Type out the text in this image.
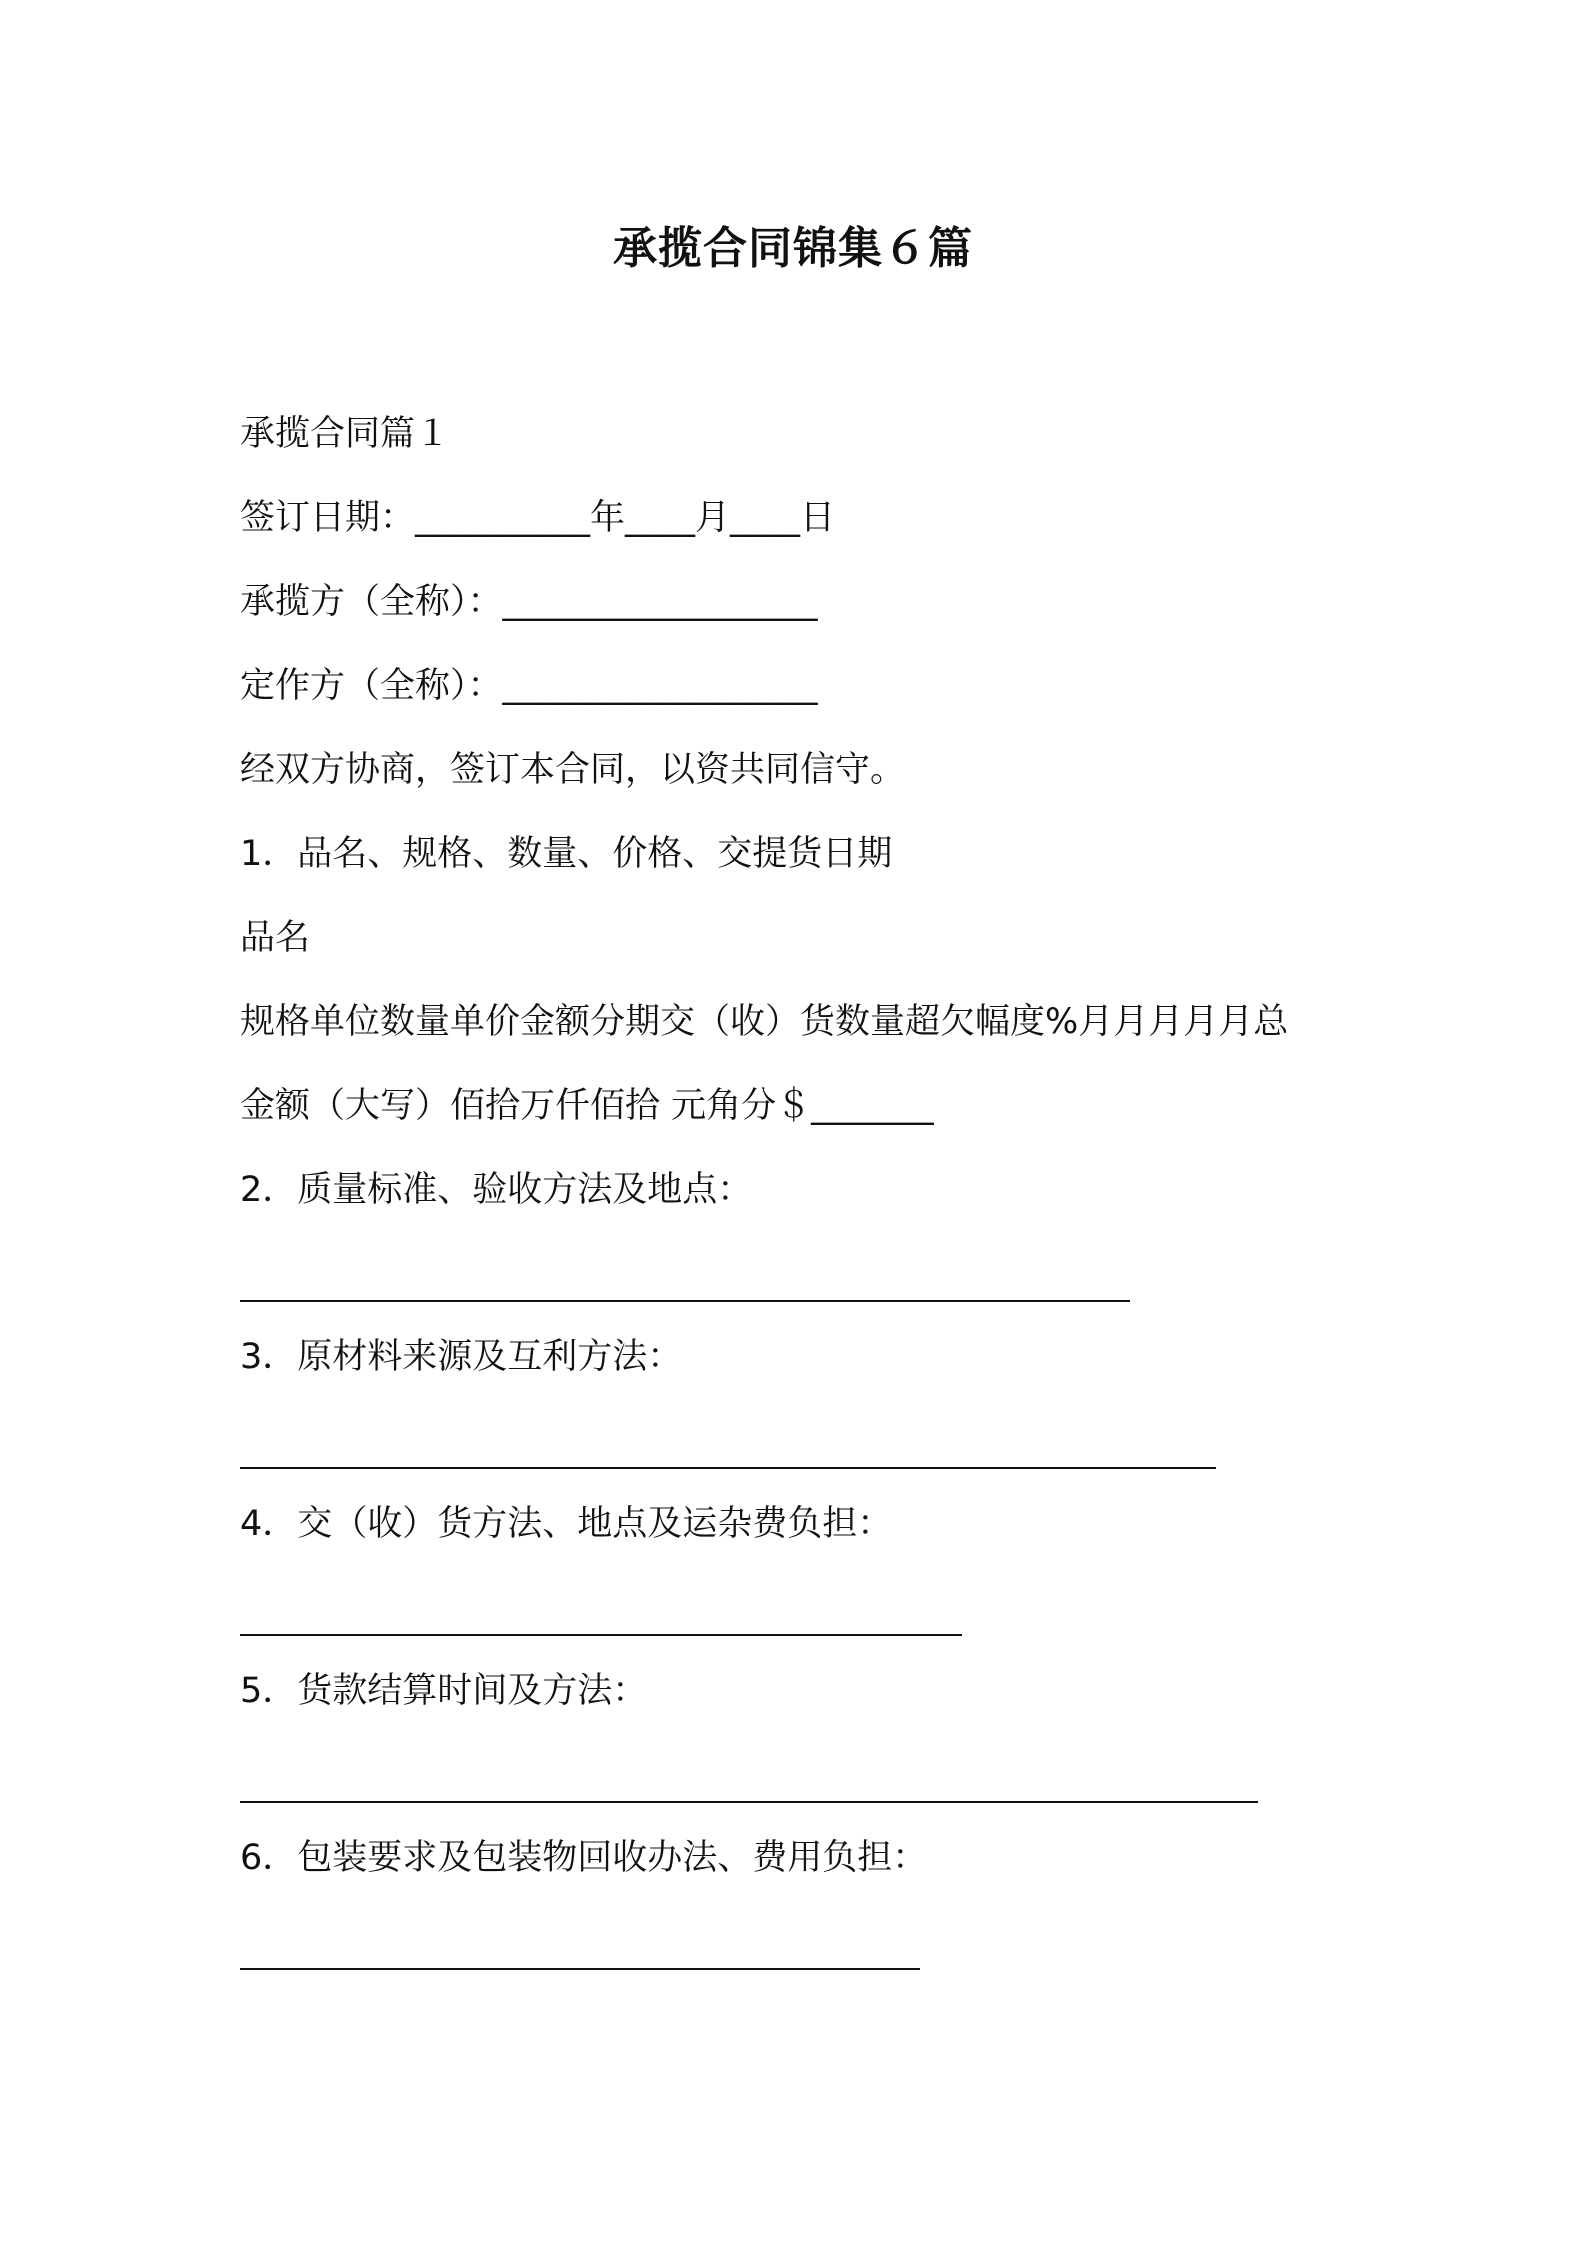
承揽合同锦集６篇
承揽合同篇１
签订日期：__________年____月____日
承揽方（全称）：__________________
定作方（全称）：__________________
经双方协商，签订本合同，以资共同信守。
1．品名、规格、数量、价格、交提货日期
品名
规格单位数量单价金额分期交（收）货数量超欠幅度%月月月月月总
金额（大写）佰拾万仟佰拾 元角分＄_______
2．质量标准、验收方法及地点：
3．原材料来源及互利方法：
4．交（收）货方法、地点及运杂费负担：
5．货款结算时间及方法：
6．包装要求及包装物回收办法、费用负担：
